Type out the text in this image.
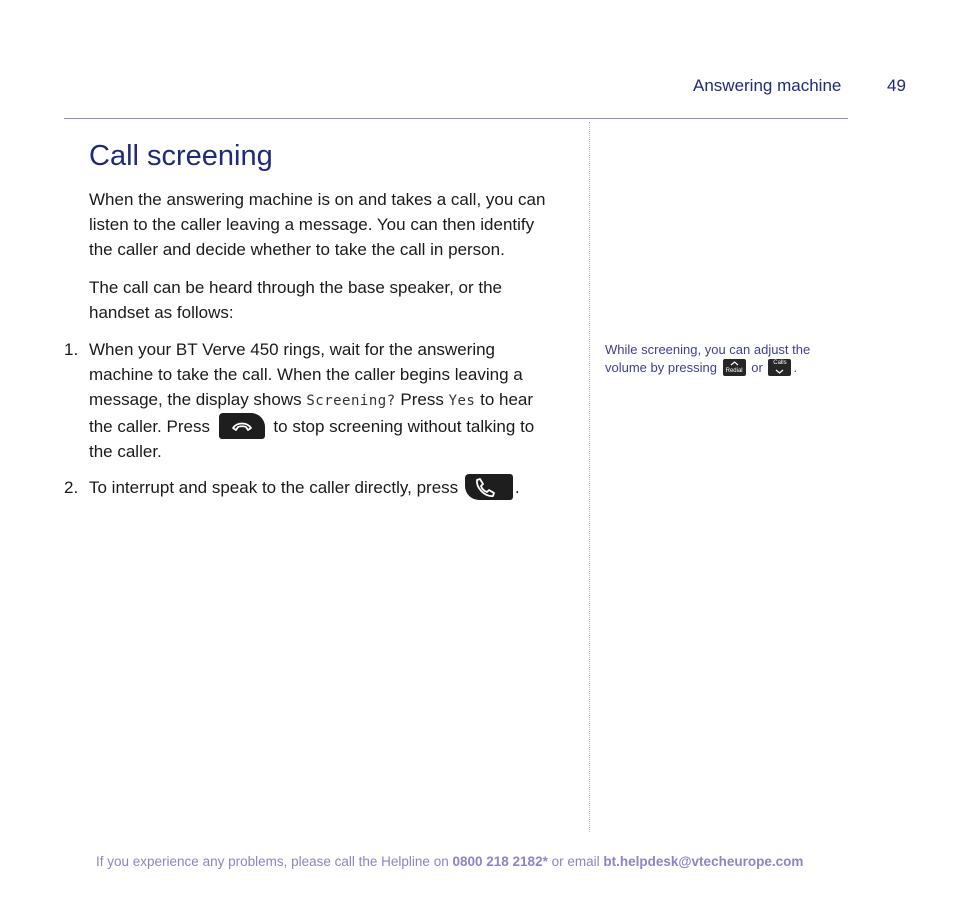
Answering machine	49
Call screening

When the answering machine is on and takes a call, you can listen to the caller leaving a message. You can then identify the caller and decide whether to take the call in person.

The call can be heard through the base speaker, or the handset as follows:

1. When your BT Verve 450 rings, wait for the answering machine to take the call. When the caller begins leaving a message, the display shows Screening? Press Yes to hear the caller. Press	to stop screening without talking to the caller.
2. To interrupt and speak to the caller directly, press	.
While screening, you can adjust the volume by pressing	Redial or	Calls .
If you experience any problems, please call the Helpline on 0800 218 2182* or email bt.helpdesk@vtecheurope.com
